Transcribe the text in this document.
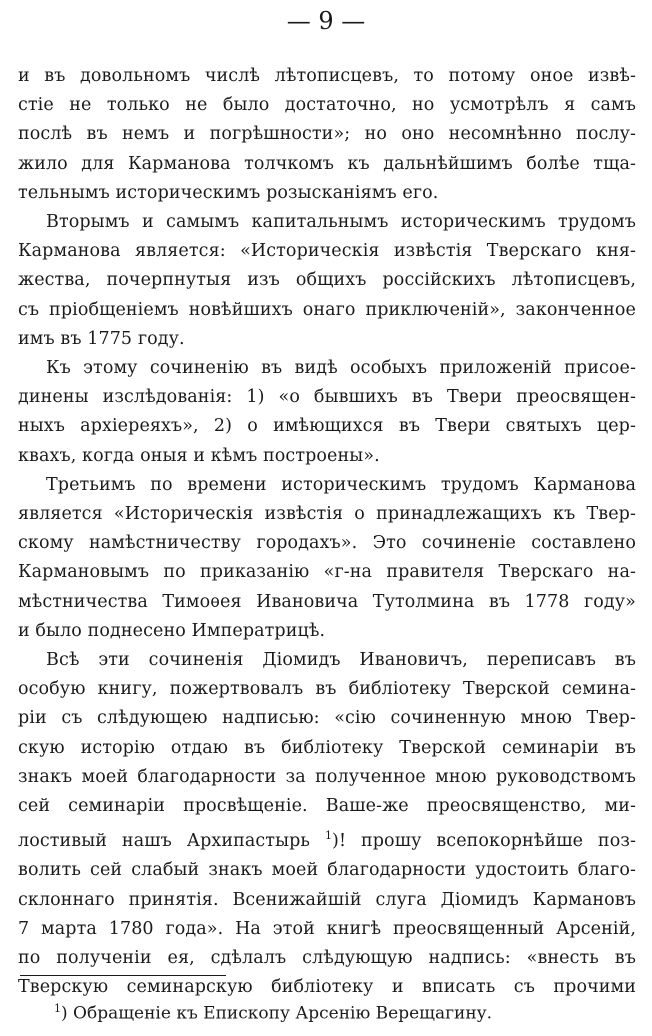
— 9 —
и въ довольномъ числѣ лѣтописцевъ, то потому оное извѣ-
стіе не только не было достаточно, но усмотрѣлъ я самъ
послѣ въ немъ и погрѣшности»; но оно несомнѣнно послу-
жило для Карманова толчкомъ къ дальнѣйшимъ болѣе тща-
тельнымъ историческимъ розысканіямъ его.
Вторымъ и самымъ капитальнымъ историческимъ трудомъ
Карманова является: «Историческія извѣстія Тверскаго кня-
жества, почерпнутыя изъ общихъ россійскихъ лѣтописцевъ,
съ пріобщеніемъ новѣйшихъ онаго приключеній», законченное
имъ въ 1775 году.
Къ этому сочиненію въ видѣ особыхъ приложеній присое-
динены изслѣдованія: 1) «о бывшихъ въ Твери преосвящен-
ныхъ архіереяхъ», 2) о имѣющихся въ Твери святыхъ цер-
квахъ, когда оныя и кѣмъ построены».
Третьимъ по времени историческимъ трудомъ Карманова
является «Историческія извѣстія о принадлежащихъ къ Твер-
скому намѣстничеству городахъ». Это сочиненіе составлено
Кармановымъ по приказанію «г-на правителя Тверскаго на-
мѣстничества Тимоѳея Ивановича Тутолмина въ 1778 году»
и было поднесено Императрицѣ.
Всѣ эти сочиненія Діомидъ Ивановичъ, переписавъ въ
особую книгу, пожертвовалъ въ библіотеку Тверской семина-
ріи съ слѣдующею надписью: «сію сочиненную мною Твер-
скую исторію отдаю въ библіотеку Тверской семинаріи въ
знакъ моей благодарности за полученное мною руководствомъ
сей семинаріи просвѣщеніе. Ваше-же преосвященство, ми-
лостивый нашъ Архипастырь $^1$)! прошу всепокорнѣйше поз-
волить сей слабый знакъ моей благодарности удостоить благо-
склоннаго принятія. Всенижайшій слуга Діомидъ Кармановъ
7 марта 1780 года». На этой книгѣ преосвященный Арсеній,
по полученіи ея, сдѣлалъ слѣдующую надпись: «внесть въ
Тверскую семинарскую библіотеку и вписать съ прочими
$^1$) Обращеніе къ Епископу Арсенію Верещагину.
